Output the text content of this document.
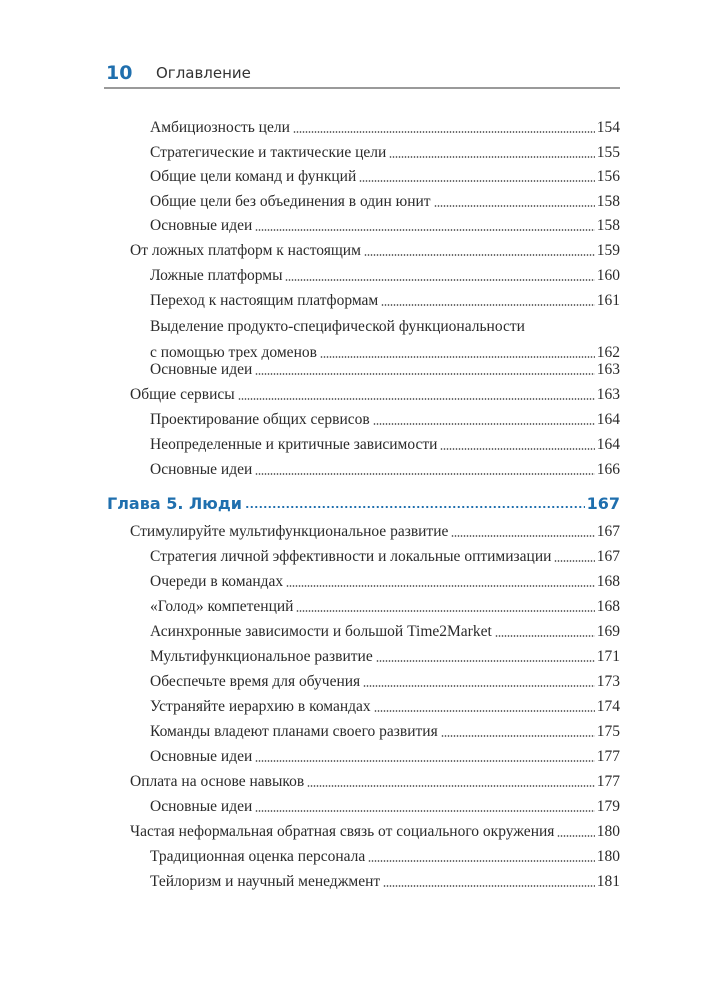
10 Оглавление
Амбициозность цели	154
Стратегические и тактические цели	155
Общие цели команд и функций	156
Общие цели без объединения в один юнит	158
Основные идеи	158
От ложных платформ к настоящим	159
Ложные платформы	160
Переход к настоящим платформам	161
Выделение продукто-специфической функциональности
с помощью трех доменов	162
Основные идеи	163
Общие сервисы	163
Проектирование общих сервисов	164
Неопределенные и критичные зависимости	164
Основные идеи	166
Глава 5. Люди	167
Стимулируйте мультифункциональное развитие	167
Стратегия личной эффективности и локальные оптимизации	167
Очереди в командах	168
«Голод» компетенций	168
Асинхронные зависимости и большой Time2Market	169
Мультифункциональное развитие	171
Обеспечьте время для обучения	173
Устраняйте иерархию в командах	174
Команды владеют планами своего развития	175
Основные идеи	177
Оплата на основе навыков	177
Основные идеи	179
Частая неформальная обратная связь от социального окружения	180
Традиционная оценка персонала	180
Тейлоризм и научный менеджмент	181
